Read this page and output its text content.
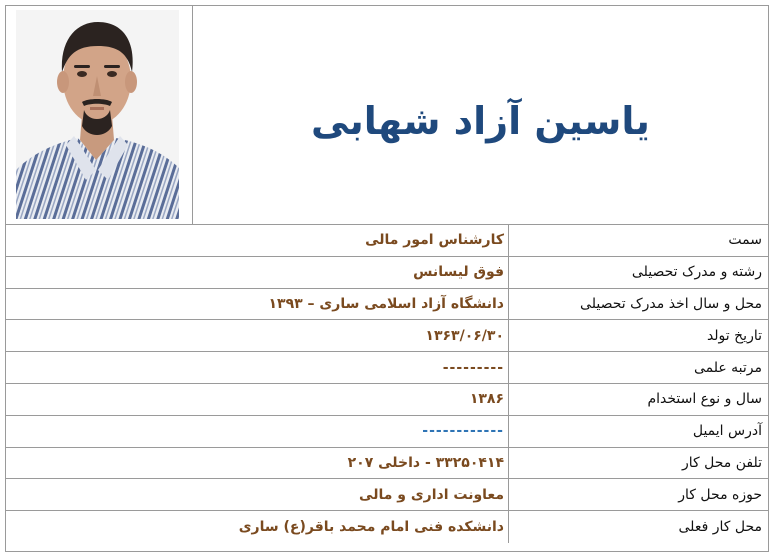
یاسین آزاد شهابی
کارشناس امور مالی	سمت
فوق لیسانس	رشته و مدرک تحصیلی
دانشگاه آزاد اسلامی ساری – ۱۳۹۳	محل و سال اخذ مدرک تحصیلی
۱۳۶۳/۰۶/۳۰	تاریخ تولد
---------	مرتبه علمی
۱۳۸۶	سال و نوع استخدام
------------	آدرس ایمیل
۳۳۲۵۰۴۱۴ - داخلی ۲۰۷	تلفن محل کار
معاونت اداری و مالی	حوزه محل کار
دانشکده فنی امام محمد باقر(ع) ساری	محل کار فعلی
